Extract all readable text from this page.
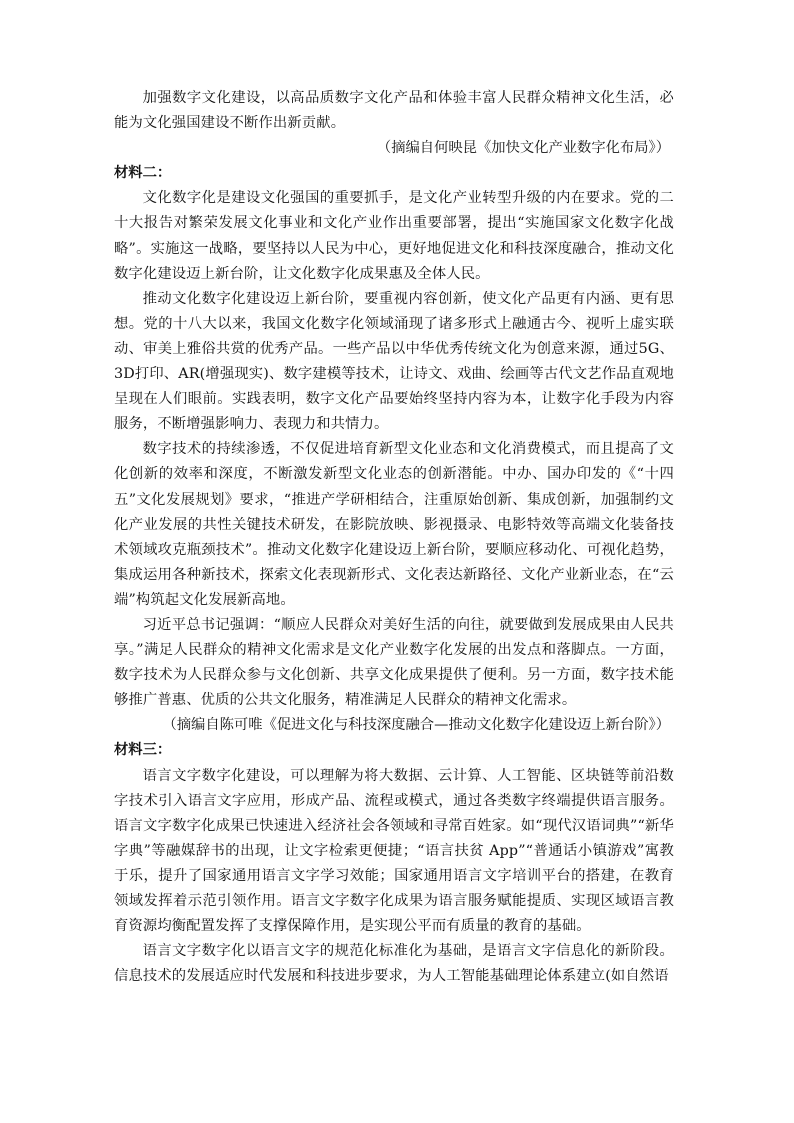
加强数字文化建设，以高品质数字文化产品和体验丰富人民群众精神文化生活，必能为文化强国建设不断作出新贡献。

（摘编自何映昆《加快文化产业数字化布局》）

材料二：

文化数字化是建设文化强国的重要抓手，是文化产业转型升级的内在要求。党的二十大报告对繁荣发展文化事业和文化产业作出重要部署，提出“实施国家文化数字化战略”。实施这一战略，要坚持以人民为中心，更好地促进文化和科技深度融合，推动文化数字化建设迈上新台阶，让文化数字化成果惠及全体人民。

推动文化数字化建设迈上新台阶，要重视内容创新，使文化产品更有内涵、更有思想。党的十八大以来，我国文化数字化领域涌现了诸多形式上融通古今、视听上虚实联动、审美上雅俗共赏的优秀产品。一些产品以中华优秀传统文化为创意来源，通过5G、3D打印、AR(增强现实)、数字建模等技术，让诗文、戏曲、绘画等古代文艺作品直观地呈现在人们眼前。实践表明，数字文化产品要始终坚持内容为本，让数字化手段为内容服务，不断增强影响力、表现力和共情力。

数字技术的持续渗透，不仅促进培育新型文化业态和文化消费模式，而且提高了文化创新的效率和深度，不断激发新型文化业态的创新潜能。中办、国办印发的《“十四五”文化发展规划》要求，“推进产学研相结合，注重原始创新、集成创新，加强制约文化产业发展的共性关键技术研发，在影院放映、影视摄录、电影特效等高端文化装备技术领域攻克瓶颈技术”。推动文化数字化建设迈上新台阶，要顺应移动化、可视化趋势，集成运用各种新技术，探索文化表现新形式、文化表达新路径、文化产业新业态，在“云端”构筑起文化发展新高地。

习近平总书记强调：“顺应人民群众对美好生活的向往，就要做到发展成果由人民共享。”满足人民群众的精神文化需求是文化产业数字化发展的出发点和落脚点。一方面，数字技术为人民群众参与文化创新、共享文化成果提供了便利。另一方面，数字技术能够推广普惠、优质的公共文化服务，精准满足人民群众的精神文化需求。

（摘编自陈可唯《促进文化与科技深度融合—推动文化数字化建设迈上新台阶》）

材料三：

语言文字数字化建设，可以理解为将大数据、云计算、人工智能、区块链等前沿数字技术引入语言文字应用，形成产品、流程或模式，通过各类数字终端提供语言服务。语言文字数字化成果已快速进入经济社会各领域和寻常百姓家。如“现代汉语词典”“新华字典”等融媒辞书的出现，让文字检索更便捷；“语言扶贫 App”“普通话小镇游戏”寓教于乐，提升了国家通用语言文字学习效能；国家通用语言文字培训平台的搭建，在教育领域发挥着示范引领作用。语言文字数字化成果为语言服务赋能提质、实现区域语言教育资源均衡配置发挥了支撑保障作用，是实现公平而有质量的教育的基础。

语言文字数字化以语言文字的规范化标准化为基础，是语言文字信息化的新阶段。信息技术的发展适应时代发展和科技进步要求，为人工智能基础理论体系建立(如自然语
